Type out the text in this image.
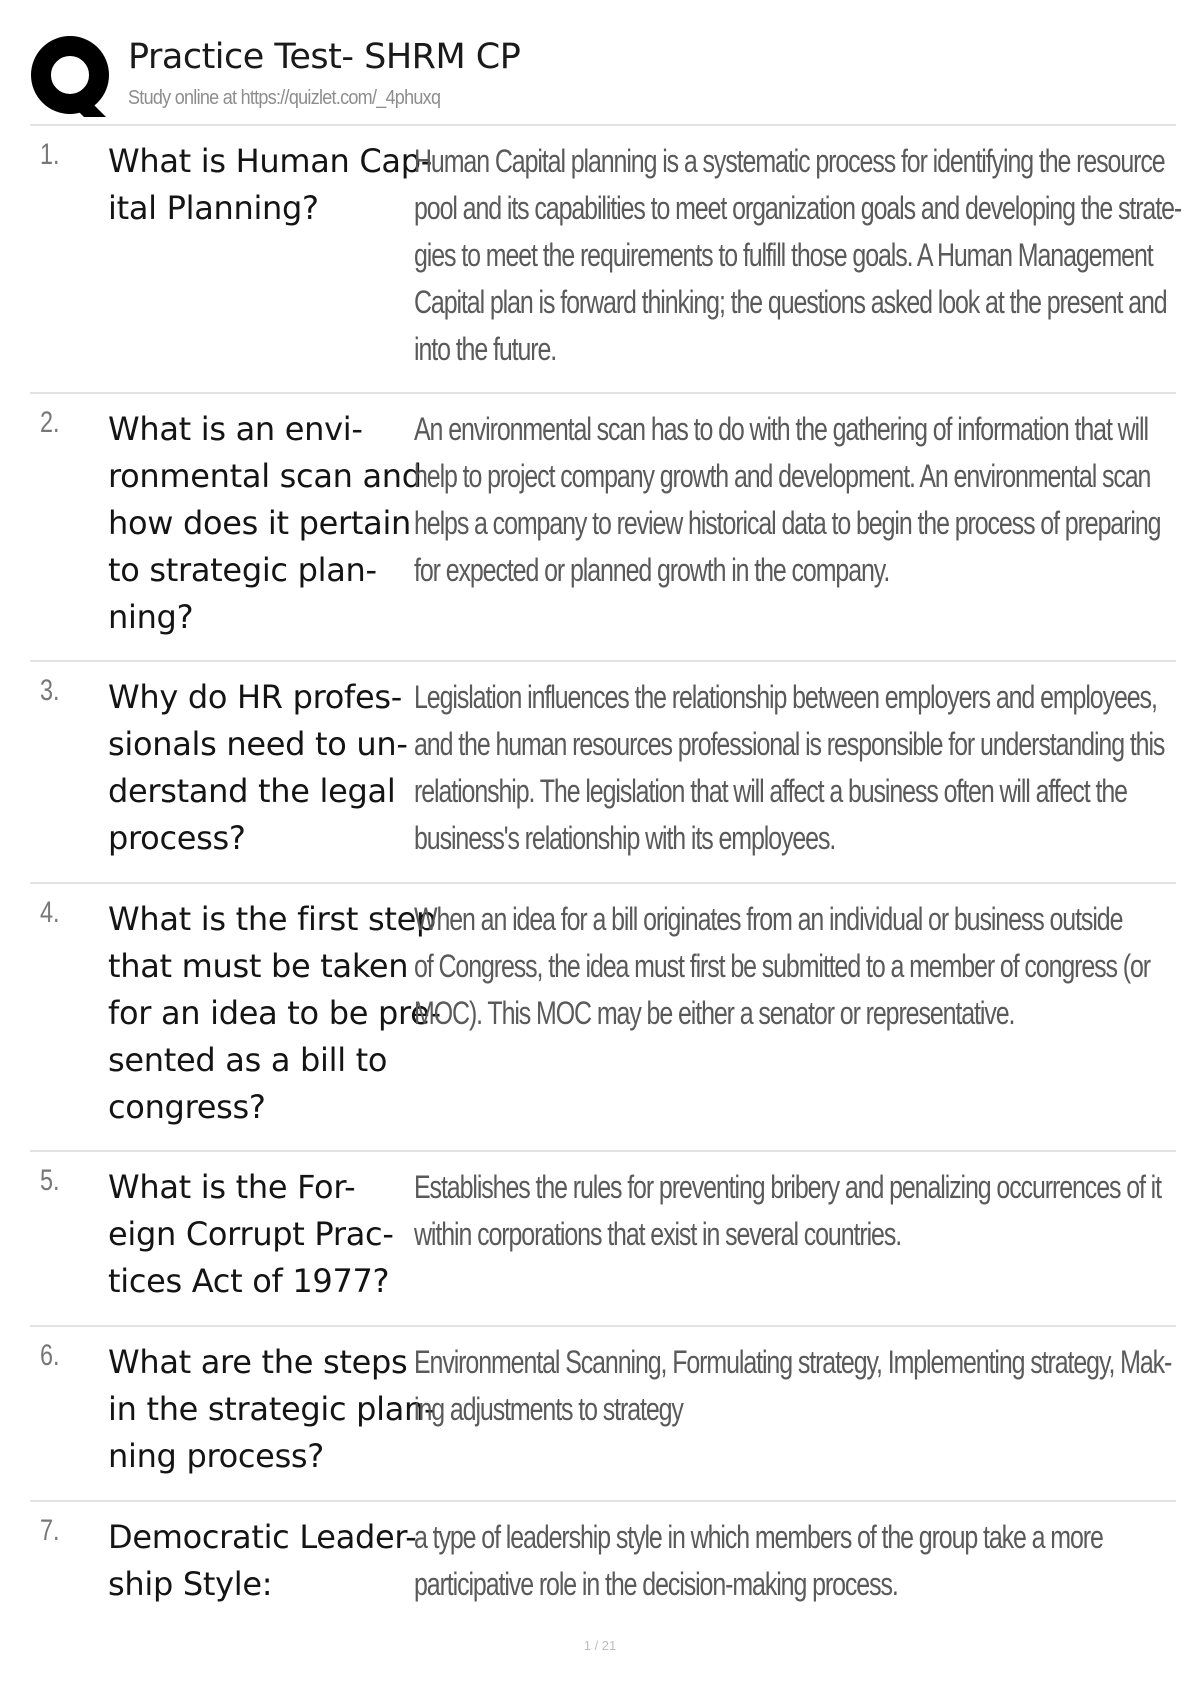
Practice Test- SHRM CP
Study online at https://quizlet.com/_4phuxq
1. What is Human Cap-
ital Planning?
Human Capital planning is a systematic process for identifying the resource
pool and its capabilities to meet organization goals and developing the strate-
gies to meet the requirements to fulfill those goals. A Human Management
Capital plan is forward thinking; the questions asked look at the present and
into the future.
2. What is an envi-
ronmental scan and
how does it pertain
to strategic plan-
ning?
An environmental scan has to do with the gathering of information that will
help to project company growth and development. An environmental scan
helps a company to review historical data to begin the process of preparing
for expected or planned growth in the company.
3. Why do HR profes-
sionals need to un-
derstand the legal
process?
Legislation influences the relationship between employers and employees,
and the human resources professional is responsible for understanding this
relationship. The legislation that will affect a business often will affect the
business's relationship with its employees.
4. What is the first step
that must be taken
for an idea to be pre-
sented as a bill to
congress?
When an idea for a bill originates from an individual or business outside
of Congress, the idea must first be submitted to a member of congress (or
MOC). This MOC may be either a senator or representative.
5. What is the For-
eign Corrupt Prac-
tices Act of 1977?
Establishes the rules for preventing bribery and penalizing occurrences of it
within corporations that exist in several countries.
6. What are the steps
in the strategic plan-
ning process?
Environmental Scanning, Formulating strategy, Implementing strategy, Mak-
ing adjustments to strategy
7. Democratic Leader-
ship Style:
a type of leadership style in which members of the group take a more
participative role in the decision-making process.
1 / 21
